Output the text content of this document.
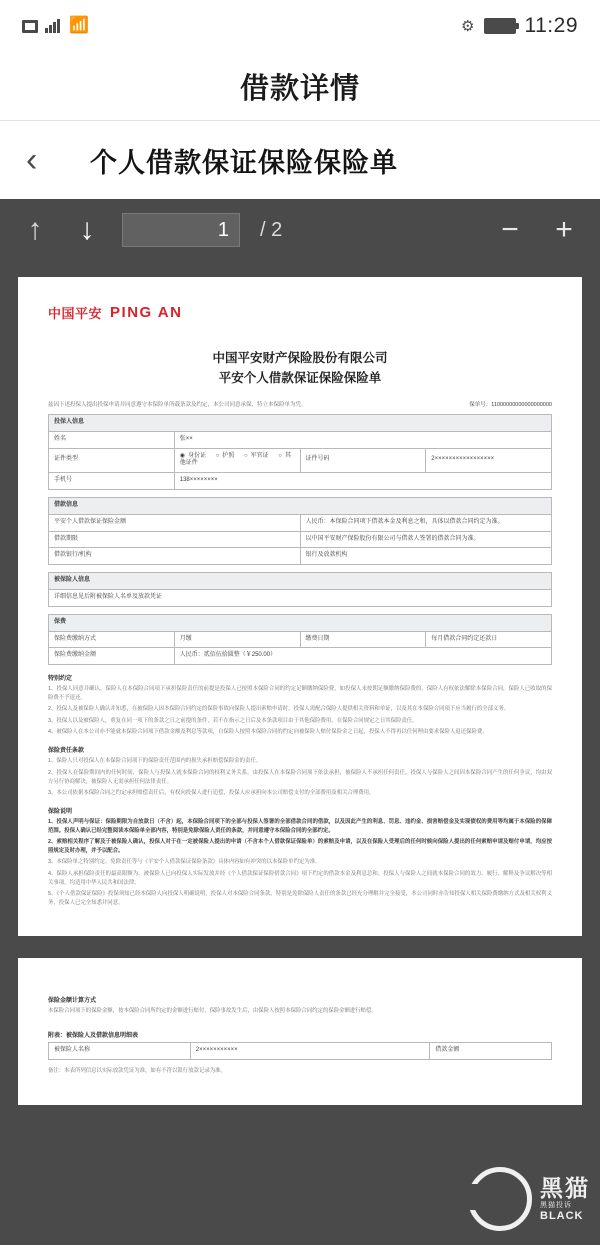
📶	⚙ 11:29
借款详情
‹	个人借款保证保险保险单
↑ ↓	1	/ 2	−	+
中国平安 PING AN
中国平安财产保险股份有限公司
平安个人借款保证保险保险单
兹因下述投保人提出投保申请并同意遵守本保险单所载条款及约定，本公司同意承保，特立本保险单为凭。	保单号：11000000000000000000
投保人信息			
姓名	张××		
证件类型	◉ 身份证 ○ 护照 ○ 军官证 ○ 其他证件	证件号码	2×××××××××××××××××
手机号	138××××××××		
借款信息	
平安个人借款保证保险金额	人民币：本保险合同项下借款本金及利息之和，具体以借款合同约定为准。
借款期限	以中国平安财产保险股份有限公司与借款人签署的借款合同为准。
借款银行/机构	银行及放款机构
被保险人信息
详细信息见后附被保险人名单及放款凭证
保费			
保险费缴纳方式	月缴	缴费日期	每月借款合同约定还款日
保险费缴纳金额	人民币：贰佰伍拾圆整（￥250.00）		
特别约定

1、投保人同意并确认，保险人在本保险合同项下承担保险责任的前提是投保人已按照本保险合同的约定足额缴纳保险费，如投保人未按期足额缴纳保险费的，保险人有权依法解除本保险合同，保险人已收取的保险费不予退还。

2、投保人及被保险人确认并知悉，在被保险人因本保险合同约定的保险事故向保险人提出索赔申请时，投保人需配合保险人提供相关资料和单证，以及其在本保险合同项下应当履行的全部义务。

3、投保人以及被保险人，重复在同一项下的条款之日之前提的条件，若不在指示之日后及本条款项目由于其他保险费用，在保险合同规定之日其保险责任。

4、被保险人在本公司亦不能就本保险合同项下借款金额及利息等款项，自保险人按照本保险合同的约定向被保险人赔付保险金之日起，投保人不得再以任何理由要求保险人退还保险费。

保险责任条款

1、保险人只对投保人在本保险合同项下的保险责任范围内的损失承担赔偿保险金的责任。

2、投保人在保险期间内的任何时间，保险人与投保人就本保险合同的权利义务关系，由投保人在本保险合同项下依法承担，被保险人不承担任何责任。投保人与保险人之间因本保险合同产生的任何争议，均由双方另行协商解决，被保险人无需承担任何法律责任。

3、本公司依据本保险合同之约定承担赔偿责任后，有权向投保人进行追偿，投保人应承担向本公司赔偿支付的全部费用及相关合理费用。

保险说明

1、投保人声明与保证：保险期限为自放款日（不含）起，本保险合同项下的全部与投保人签署的全部借款合同的借款，以及因此产生的利息、罚息、违约金、损害赔偿金及实现债权的费用等均属于本保险的保障范围。投保人确认已经完整阅读本保险单全部内容，特别是免除保险人责任的条款，并同意遵守本保险合同的全部约定。

2、索赔相关程序了解及于被保险人确认，投保人对于在一定被保险人提出的申请（不含本个人借款保证保险单）的索赔及申请，以及在保险人受理后的任何时候向保险人提出的任何索赔申请及赔付申请，均应按照规定及时办理，并予以配合。

3、本保险单之特别约定、免除责任等与《平安个人借款保证保险条款》具体内容如有冲突的以本保险单约定为准。

4、保险人承担保险责任的最高限额为，被保险人已向投保人实际发放并经《个人借款保证保险借款合同》项下约定的借款本金及利息总和。投保人与保险人之间就本保险合同的效力、履行、解释及争议解决等相关事项，均适用中华人民共和国法律。

5、《个人借款保证保险》投保须知已经本保险人向投保人明确说明，投保人对本保险合同条款，特别是免除保险人责任的条款已经充分理解并完全接受，本公司同时亦告知投保人相关保险费缴纳方式及相关权利义务，投保人已完全知悉并同意。

保险金额计算方式

本保险合同项下的保险金额，按本保险合同所约定的金额进行赔付，保险事故发生后，由保险人按照本保险合同约定的保险金额进行赔偿。

附表：被保险人及借款信息明细表
被保险人名称	2×××××××××××	借款金额

备注：本表所列信息以实际放款凭证为准，如有不符以银行放款记录为准。

黑猫
黑猫投诉
BLACK
